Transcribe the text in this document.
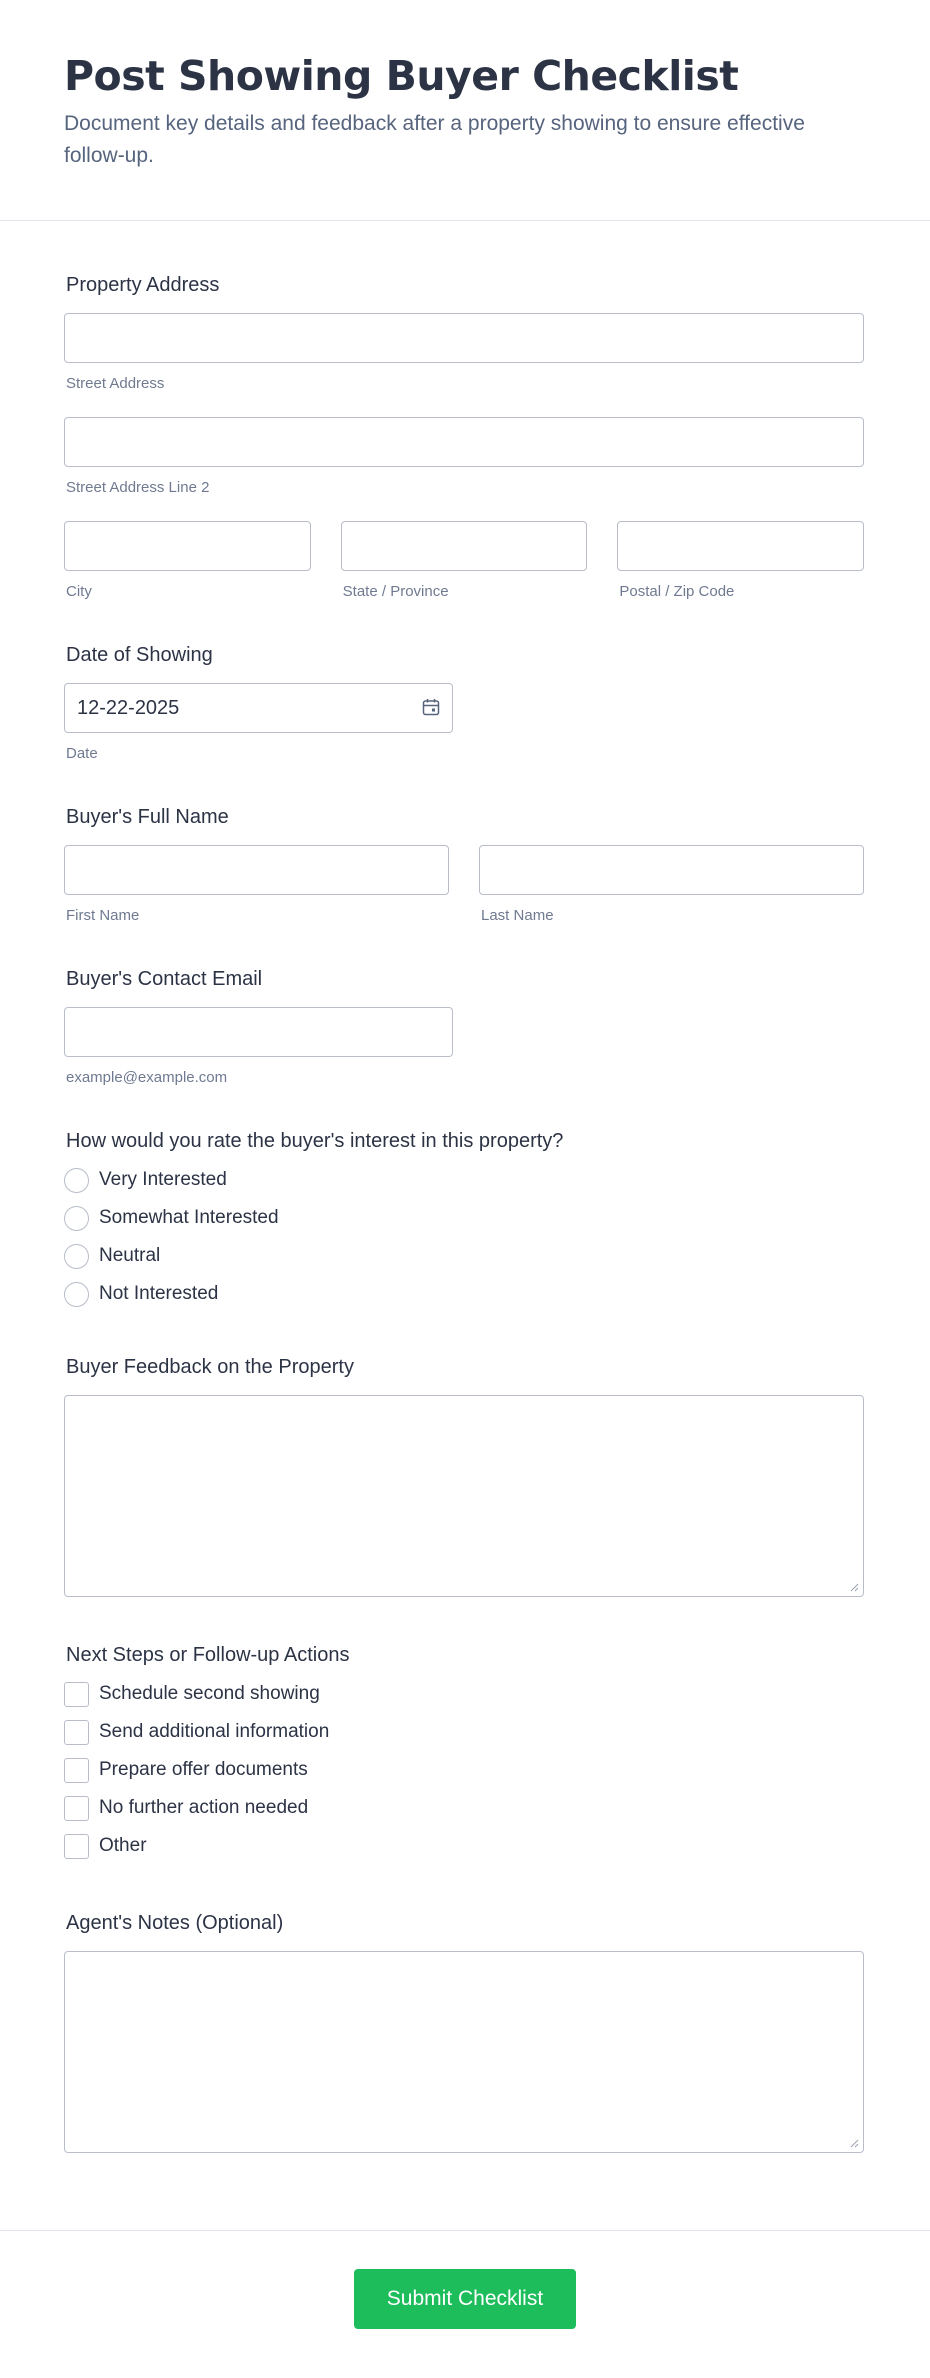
Post Showing Buyer Checklist

Document key details and feedback after a property showing to ensure effective follow-up.

Property Address
Street Address
Street Address Line 2
City	State / Province	Postal / Zip Code
Date of Showing
12-22-2025
Date
Buyer's Full Name
First Name	Last Name
Buyer's Contact Email
example@example.com
How would you rate the buyer's interest in this property?
Very Interested
Somewhat Interested
Neutral
Not Interested
Buyer Feedback on the Property
Next Steps or Follow-up Actions
Schedule second showing
Send additional information
Prepare offer documents
No further action needed
Other
Agent's Notes (Optional)
Submit Checklist
